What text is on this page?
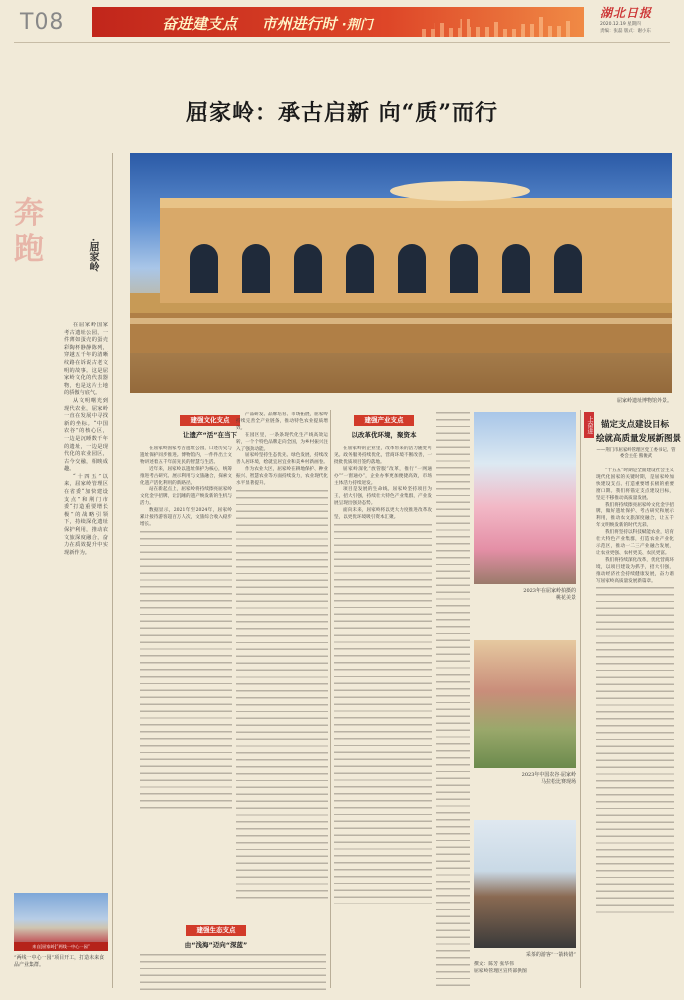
T08	奋进建支点 市州进行时 ·荆门
湖北日报
2020.12.19 星期四
责编：张磊 版式：谢小东
屈家岭：承古启新 向“质”而行
屈家岭遗址博物馆外景。
奔
跑	·屈家岭

在屈家岭国家考古遗址公园，一件薄如蛋壳的蛋壳彩陶杯静静陈列，穿越五千年的清晰纹路在诉说古老文明的故事。这是屈家岭文化的代表器物，也是这片土地的骄傲与底气。

从文明曙光到现代农业，屈家岭一直在发展中寻找新的坐标。“中国农谷”的核心区，一边是沉睡数千年的遗址，一边是现代化的农业园区，古今交融，相映成趣。

“十四五”以来，屈家岭管理区在省委“加快建设支点”和荆门市委“打造重要增长极”的战略引领下，持续深化遗址保护利用，推动农文旅深度融合，奋力在质效提升中实现新作为。

来自[屈家岭]“两线一中心一园”
“两线一中心一园”项目开工，打造未来食品产业集群。
建强文化支点
让遗产“活”在当下
建强产业支点
以改革优环境，聚资本
建强生态支点
由“浅海”迈向“深蓝”

在屈家岭国家考古遗址公园，口述历史与遗址保护同步推进。博物馆内，一件件出土文物讲述着五千年前先民的智慧与生活。

近年来，屈家岭以遗址保护为核心，统筹推进考古研究、展示利用与文旅融合，探索文化遗产活化利用的新路径。

站在新起点上，屈家岭将持续擦亮屈家岭文化金字招牌，让沉睡的遗产焕发新的生机与活力。

数据显示，2021年至2024年，屈家岭累计接待游客超百万人次，文旅综合收入稳步增长。

产品研发、品牌培育、市场拓展，屈家岭持续完善全产业链条，推动特色农业提质增效。

在园区里，一条条现代化生产线高效运转，一个个特色品牌走向全国，为乡村振兴注入了强劲动能。

屈家岭坚持生态优先、绿色发展，持续改善人居环境，绘就宜居宜业和美乡村新画卷。

作为农业大区，屈家岭在耕地保护、种业振兴、智慧农业等方面持续发力，农业现代化水平显著提升。

在屈家岭的企业里，改革带来的活力随处可见。政务服务持续优化，营商环境不断改善，一批批优质项目签约落地。

屈家岭深化“放管服”改革，推行“一网通办”“一窗通办”，企业办事更加便捷高效，市场主体活力持续迸发。

项目是发展的生命线。屈家岭坚持项目为王，招大引强，持续壮大特色产业集群，产业发展呈现出强劲态势。

面向未来，屈家岭将以更大力度推进改革攻坚，以更优环境吸引资本汇聚。

2023年在屈家岭拍摄的桃花美景
2023年中国农谷·屈家岭马拉松比赛现场
采茶的游客“一箭转错”
上奋进 锚定支点建设目标
绘就高质量发展新图景
——荆门市屈家岭管理区党工委书记、管委会主任 熊俊武

“十五五”时期是全面建设社会主义现代化国家的关键时期，是屈家岭加快建设支点、打造重要增长极的重要窗口期。我们将锚定支点建设目标，坚定不移推动高质量发展。

我们将持续擦亮屈家岭文化金字招牌，做好遗址保护、考古研究和展示利用，推动农文旅深度融合，让五千年文明焕发新的时代光彩。

我们将坚持以科技赋能农业，培育壮大特色产业集群，打造农业产业化示范区，推动一二三产业融合发展，让农业更强、农村更美、农民更富。

我们将持续深化改革，优化营商环境，以项目建设为抓手，招大引强，推动经济社会持续健康发展，奋力谱写屈家岭高质量发展新篇章。

撰文：陈芳 张华伟
屈家岭管理区宣传部供图
